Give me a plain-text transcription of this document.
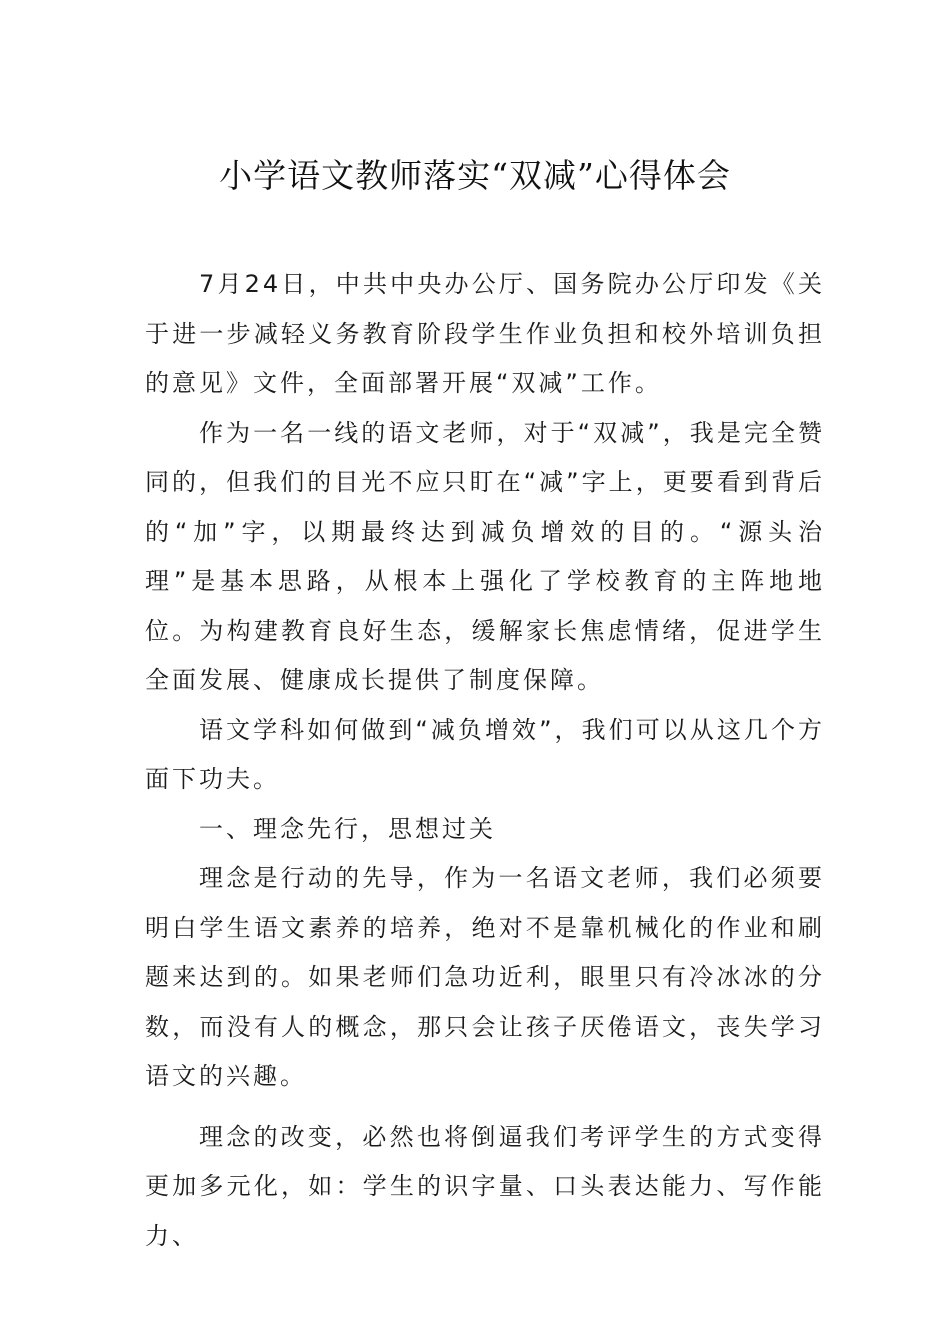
小学语文教师落实“双减”心得体会

7月24日，中共中央办公厅、国务院办公厅印发《关于进一步减轻义务教育阶段学生作业负担和校外培训负担的意见》文件，全面部署开展“双减”工作。

作为一名一线的语文老师，对于“双减”，我是完全赞同的，但我们的目光不应只盯在“减”字上，更要看到背后的“加”字，以期最终达到减负增效的目的。“源头治理”是基本思路，从根本上强化了学校教育的主阵地地位。为构建教育良好生态，缓解家长焦虑情绪，促进学生全面发展、健康成长提供了制度保障。

语文学科如何做到“减负增效”，我们可以从这几个方面下功夫。

一、理念先行，思想过关

理念是行动的先导，作为一名语文老师，我们必须要明白学生语文素养的培养，绝对不是靠机械化的作业和刷题来达到的。如果老师们急功近利，眼里只有冷冰冰的分数，而没有人的概念，那只会让孩子厌倦语文，丧失学习语文的兴趣。

理念的改变，必然也将倒逼我们考评学生的方式变得更加多元化，如：学生的识字量、口头表达能力、写作能力、
